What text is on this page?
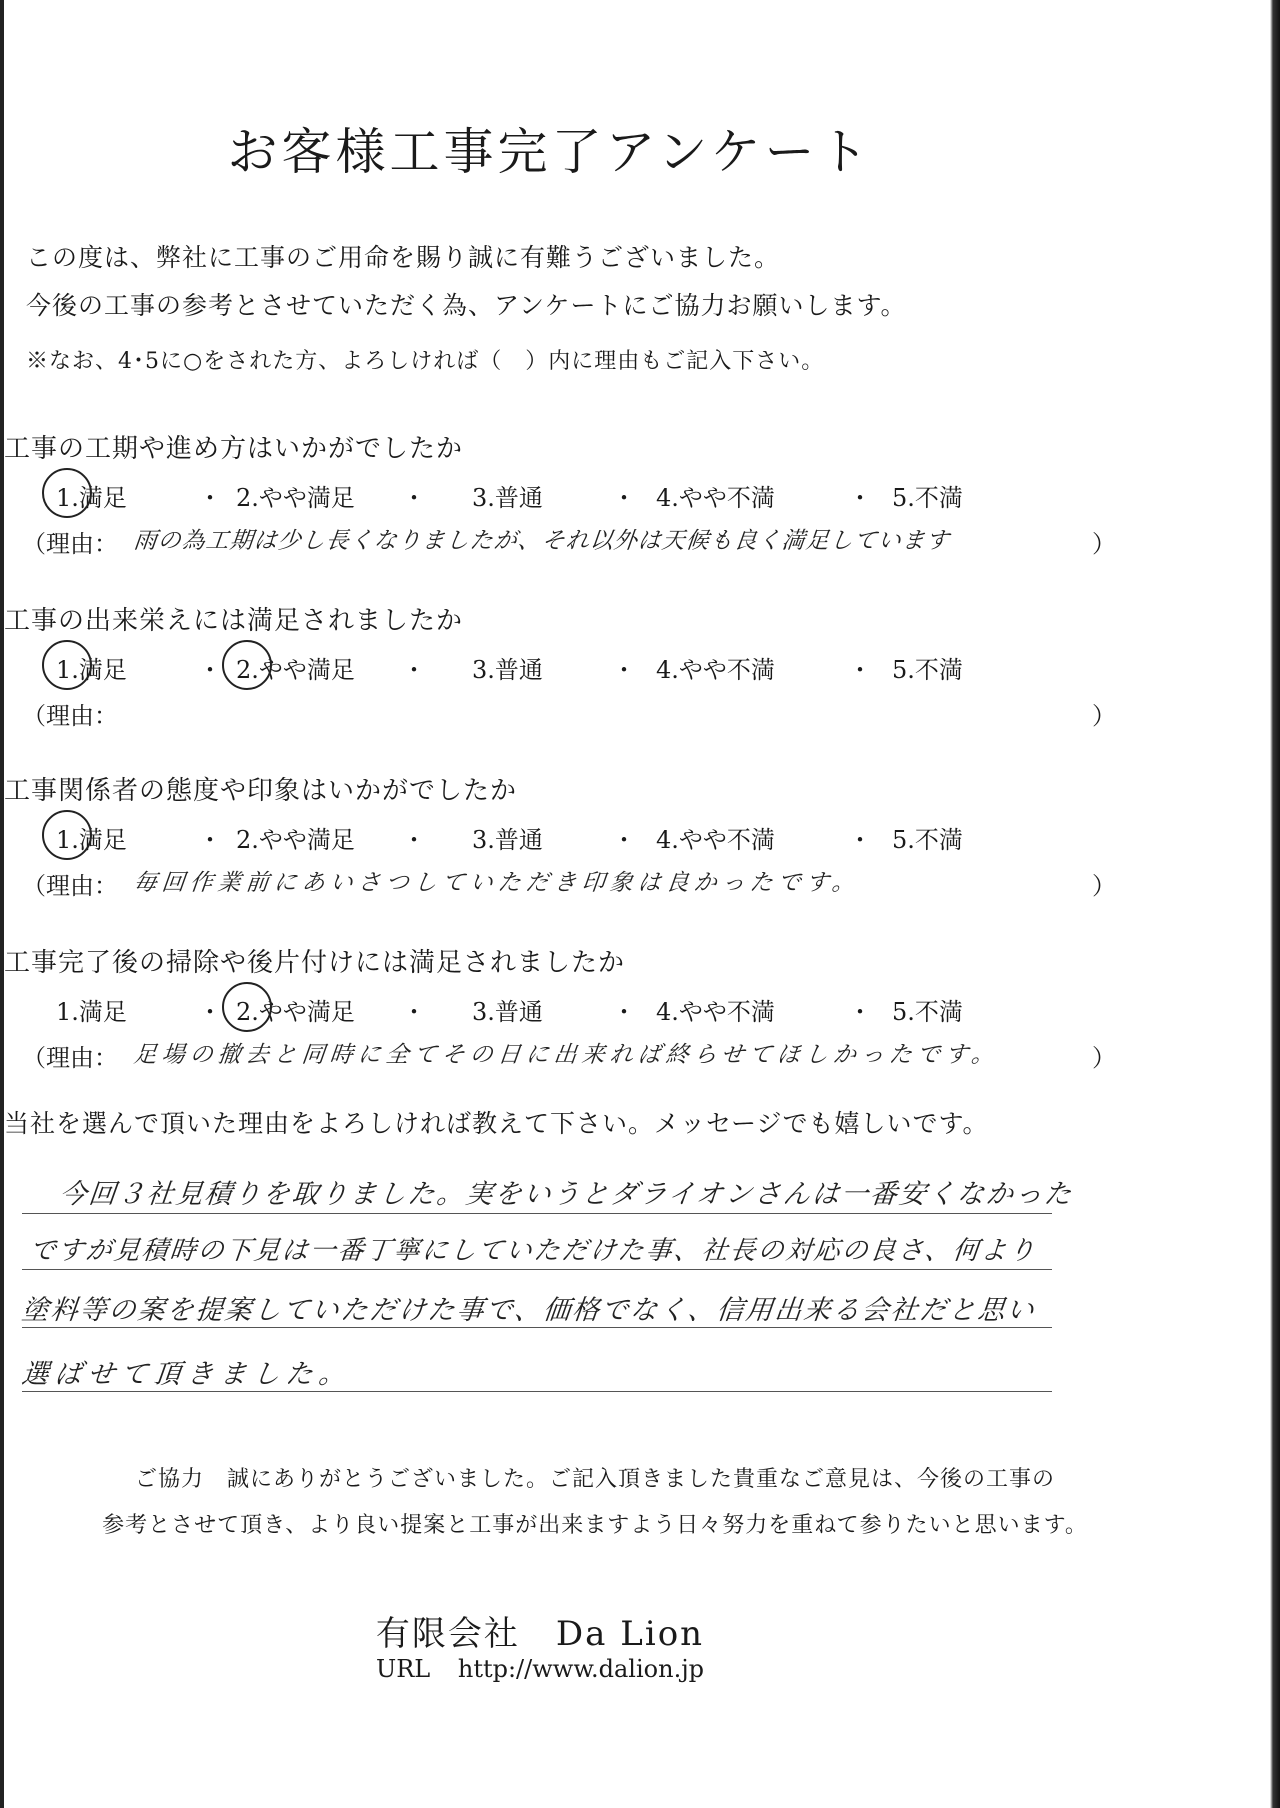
お客様工事完了アンケート
この度は、弊社に工事のご用命を賜り誠に有難うございました。
今後の工事の参考とさせていただく為、アンケートにご協力お願いします。
※なお、4･5に○をされた方、よろしければ（　）内に理由もご記入下さい。
工事の工期や進め方はいかがでしたか
1.満足	2.やや満足	3.普通	4.やや不満	5.不満
・	・	・	・
（理由： 雨の為工期は少し長くなりましたが、それ以外は天候も良く満足しています	）
工事の出来栄えには満足されましたか
1.満足	2.やや満足	3.普通	4.やや不満	5.不満
・	・	・	・
（理由：	）
工事関係者の態度や印象はいかがでしたか
1.満足	2.やや満足	3.普通	4.やや不満	5.不満
・	・	・	・
（理由： 毎回作業前にあいさつしていただき印象は良かったです。	）
工事完了後の掃除や後片付けには満足されましたか
1.満足	2.やや満足	3.普通	4.やや不満	5.不満
・	・	・	・
（理由： 足場の撤去と同時に全てその日に出来れば終らせてほしかったです。	）
当社を選んで頂いた理由をよろしければ教えて下さい。メッセージでも嬉しいです。
今回３社見積りを取りました。実をいうとダライオンさんは一番安くなかった
ですが見積時の下見は一番丁寧にしていただけた事、社長の対応の良さ、何より
塗料等の案を提案していただけた事で、価格でなく、信用出来る会社だと思い
選ばせて頂きました。
ご協力　誠にありがとうございました。ご記入頂きました貴重なご意見は、今後の工事の
参考とさせて頂き、より良い提案と工事が出来ますよう日々努力を重ねて参りたいと思います。
有限会社　Da Lion
URL http://www.dalion.jp
